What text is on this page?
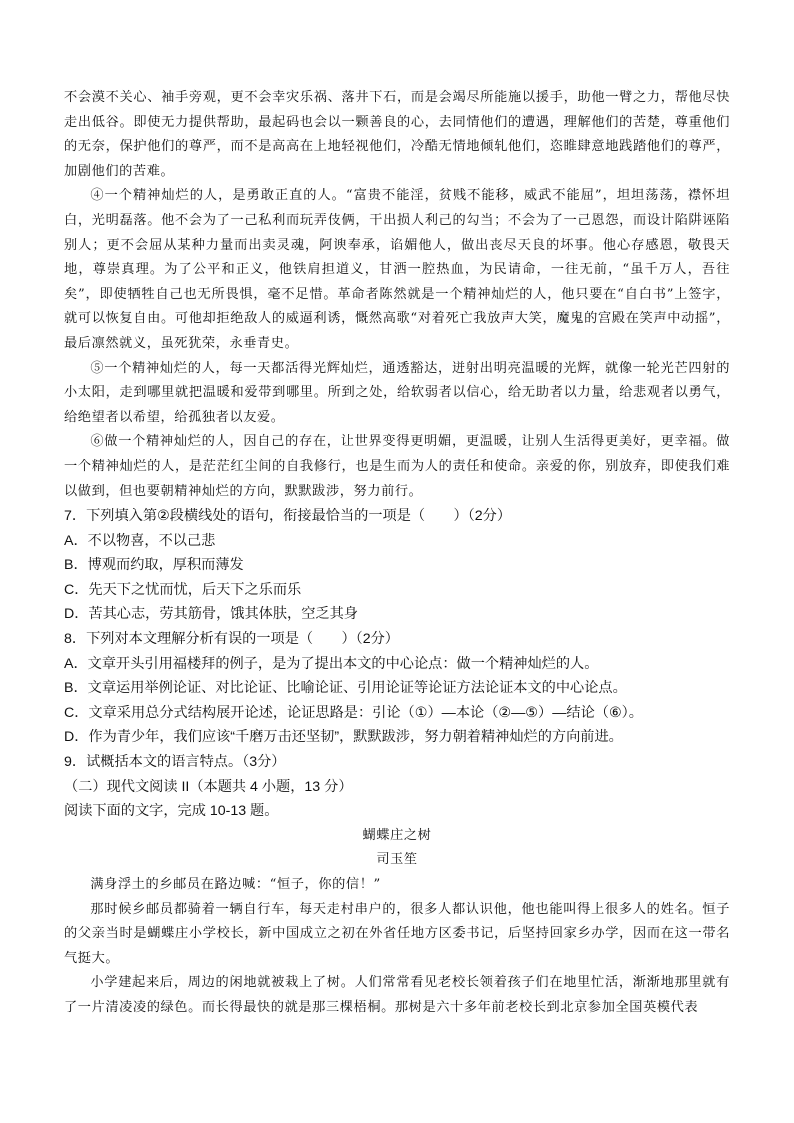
不会漠不关心、袖手旁观，更不会幸灾乐祸、落井下石，而是会竭尽所能施以援手，助他一臂之力，帮他尽快走出低谷。即使无力提供帮助，最起码也会以一颗善良的心，去同情他们的遭遇，理解他们的苦楚，尊重他们的无奈，保护他们的尊严，而不是高高在上地轻视他们，冷酷无情地倾轧他们，恣睢肆意地践踏他们的尊严，加剧他们的苦难。

④一个精神灿烂的人，是勇敢正直的人。“富贵不能淫，贫贱不能移，威武不能屈”，坦坦荡荡，襟怀坦白，光明磊落。他不会为了一己私利而玩弄伎俩，干出损人利己的勾当；不会为了一己恩怨，而设计陷阱诬陷别人；更不会屈从某种力量而出卖灵魂，阿谀奉承，谄媚他人，做出丧尽天良的坏事。他心存感恩，敬畏天地，尊崇真理。为了公平和正义，他铁肩担道义，甘洒一腔热血，为民请命，一往无前，“虽千万人，吾往矣”，即使牺牲自己也无所畏惧，毫不足惜。革命者陈然就是一个精神灿烂的人，他只要在“自白书”上签字，就可以恢复自由。可他却拒绝敌人的威逼利诱，慨然高歌“对着死亡我放声大笑，魔鬼的宫殿在笑声中动摇”，最后凛然就义，虽死犹荣，永垂青史。

⑤一个精神灿烂的人，每一天都活得光辉灿烂，通透豁达，迸射出明亮温暖的光辉，就像一轮光芒四射的小太阳，走到哪里就把温暖和爱带到哪里。所到之处，给软弱者以信心，给无助者以力量，给悲观者以勇气，给绝望者以希望，给孤独者以友爱。

⑥做一个精神灿烂的人，因自己的存在，让世界变得更明媚，更温暖，让别人生活得更美好，更幸福。做一个精神灿烂的人，是茫茫红尘间的自我修行，也是生而为人的责任和使命。亲爱的你，别放弃，即使我们难以做到，但也要朝精神灿烂的方向，默默跋涉，努力前行。

7．下列填入第②段横线处的语句，衔接最恰当的一项是（　　）（2分）

A．不以物喜，不以己悲

B．博观而约取，厚积而薄发

C．先天下之忧而忧，后天下之乐而乐

D．苦其心志，劳其筋骨，饿其体肤，空乏其身

8．下列对本文理解分析有误的一项是（　　）（2分）

A．文章开头引用福楼拜的例子，是为了提出本文的中心论点：做一个精神灿烂的人。

B．文章运用举例论证、对比论证、比喻论证、引用论证等论证方法论证本文的中心论点。

C．文章采用总分式结构展开论述，论证思路是：引论（①）—本论（②—⑤）—结论（⑥）。

D．作为青少年，我们应该“千磨万击还坚韧”，默默跋涉，努力朝着精神灿烂的方向前进。

9．试概括本文的语言特点。（3分）

（二）现代文阅读 II（本题共 4 小题，13 分）

阅读下面的文字，完成 10-13 题。

蝴蝶庄之树

司玉笙

满身浮土的乡邮员在路边喊：“恒子，你的信！”

那时候乡邮员都骑着一辆自行车，每天走村串户的，很多人都认识他，他也能叫得上很多人的姓名。恒子的父亲当时是蝴蝶庄小学校长，新中国成立之初在外省任地方区委书记，后坚持回家乡办学，因而在这一带名气挺大。

小学建起来后，周边的闲地就被栽上了树。人们常常看见老校长领着孩子们在地里忙活，渐渐地那里就有了一片清凌凌的绿色。而长得最快的就是那三棵梧桐。那树是六十多年前老校长到北京参加全国英模代表
